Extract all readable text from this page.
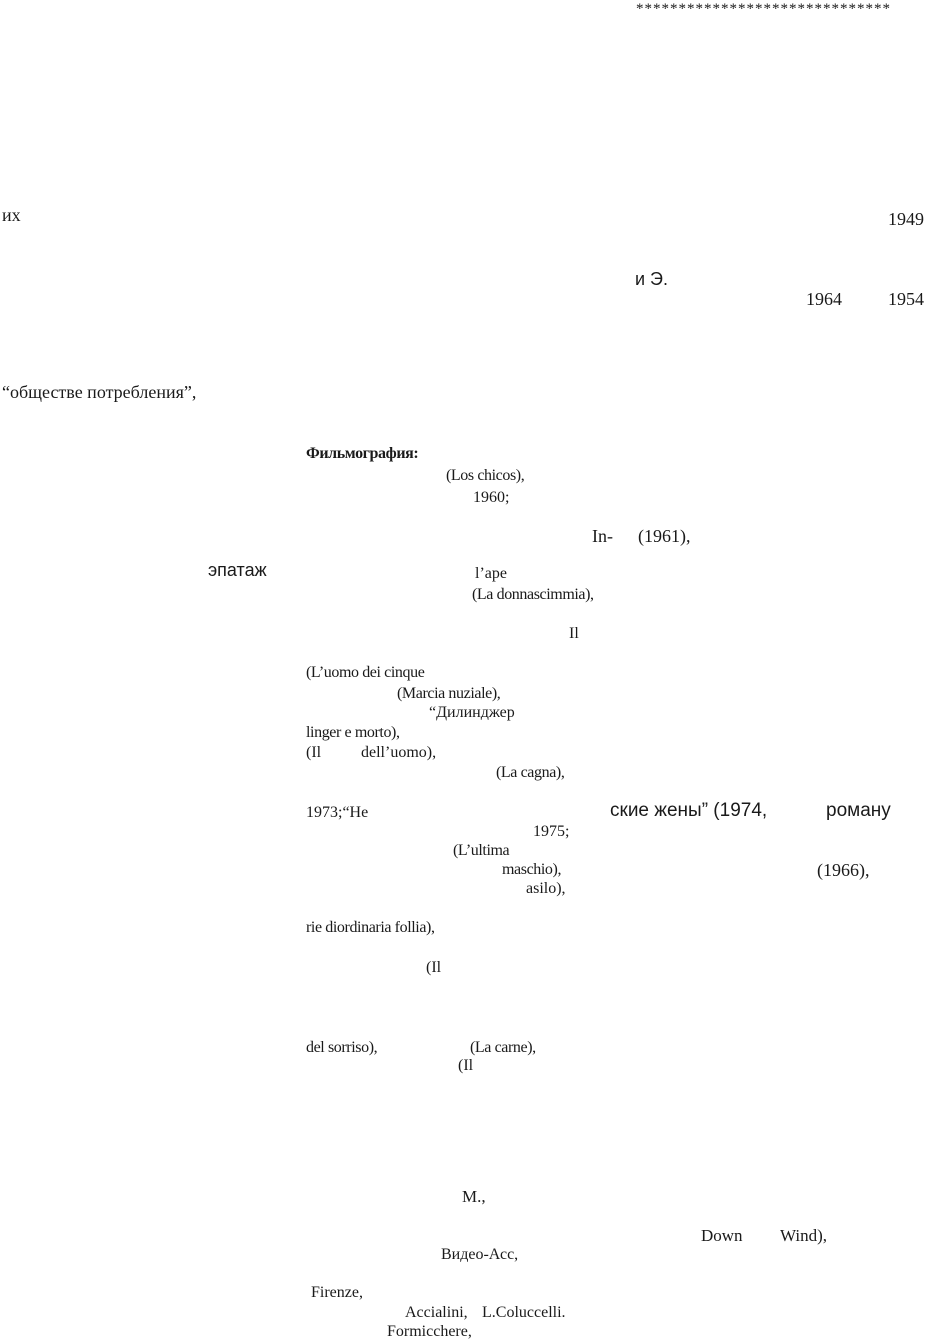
******************************
их	1949
и Э.
1964	1954
“обществе потребления”,
Фильмография:
(Los chicos),
1960;
In- (1961),
эпатаж	l’ape
(La donnascimmia),
Il
(L’uomo dei cinque
(Marcia nuziale),
“Дилинджер
linger e morto),
(Il dell’uomo),
(La cagna),
1973;“Не	ские жены” (1974,	роману
1975;
(L’ultima
maschio),	(1966),
asilo),
rie diordinaria follia),
(Il
del sorriso),	(La carne),
(Il
M.,
Down Wind),
Видео-Асс,
Firenze,
Accialini, L.Coluccelli.
Formicchere,
